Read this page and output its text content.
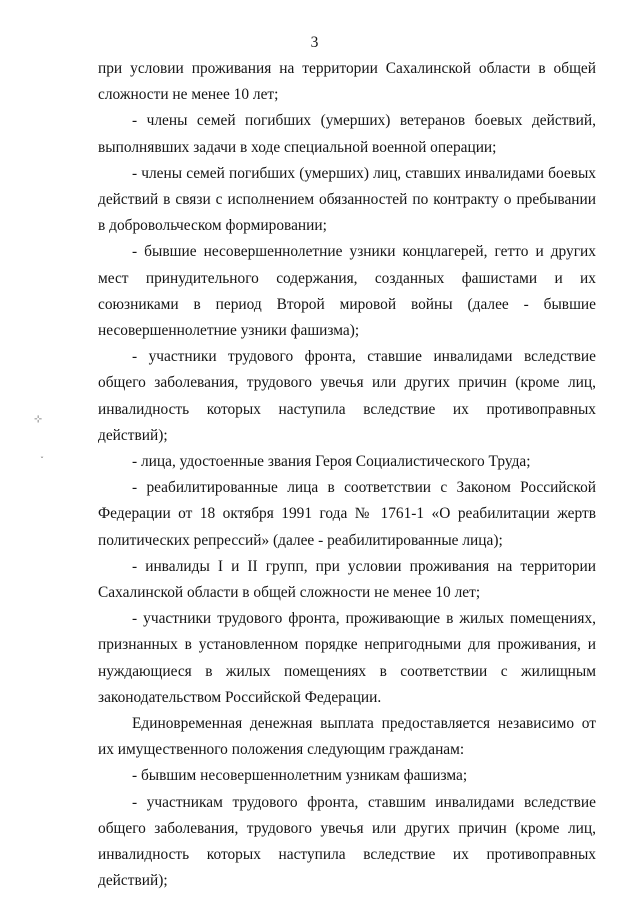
3
⊹
ˇ

при условии проживания на территории Сахалинской области в общей сложности не менее 10 лет;

- члены семей погибших (умерших) ветеранов боевых действий, выполнявших задачи в ходе специальной военной операции;

- члены семей погибших (умерших) лиц, ставших инвалидами боевых действий в связи с исполнением обязанностей по контракту о пребывании в добровольческом формировании;

- бывшие несовершеннолетние узники концлагерей, гетто и других мест принудительного содержания, созданных фашистами и их союзниками в период Второй мировой войны (далее - бывшие несовершеннолетние узники фашизма);

- участники трудового фронта, ставшие инвалидами вследствие общего заболевания, трудового увечья или других причин (кроме лиц, инвалидность которых наступила вследствие их противоправных действий);

- лица, удостоенные звания Героя Социалистического Труда;

- реабилитированные лица в соответствии с Законом Российской Федерации от 18 октября 1991 года № 1761-1 «О реабилитации жертв политических репрессий» (далее - реабилитированные лица);

- инвалиды I и II групп, при условии проживания на территории Сахалинской области в общей сложности не менее 10 лет;

- участники трудового фронта, проживающие в жилых помещениях, признанных в установленном порядке непригодными для проживания, и нуждающиеся в жилых помещениях в соответствии с жилищным законодательством Российской Федерации.

Единовременная денежная выплата предоставляется независимо от их имущественного положения следующим гражданам:

- бывшим несовершеннолетним узникам фашизма;

- участникам трудового фронта, ставшим инвалидами вследствие общего заболевания, трудового увечья или других причин (кроме лиц, инвалидность которых наступила вследствие их противоправных действий);
